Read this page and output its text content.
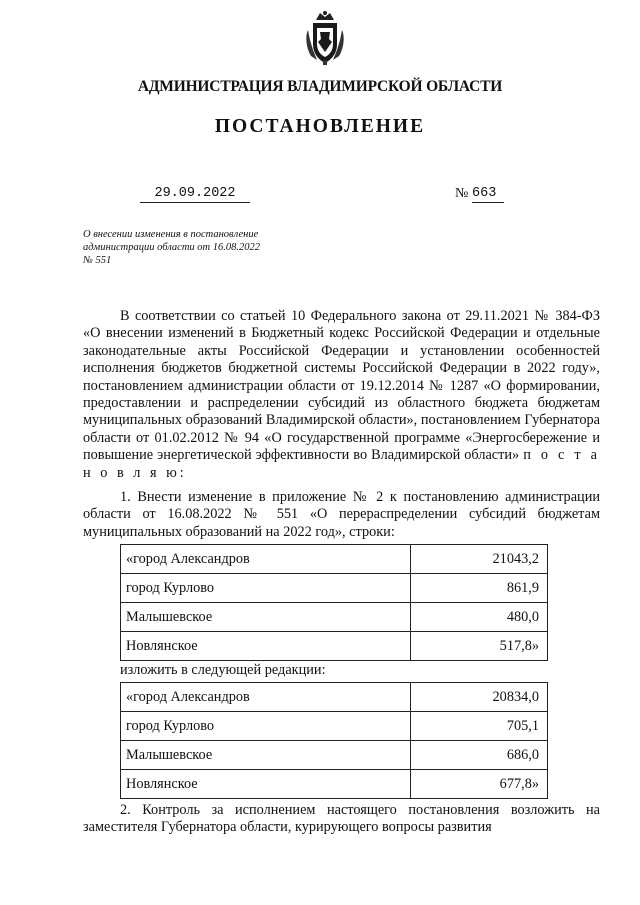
АДМИНИСТРАЦИЯ ВЛАДИМИРСКОЙ ОБЛАСТИ
ПОСТАНОВЛЕНИЕ
29.09.2022	№ 663
О внесении изменения в постановление
администрации области от 16.08.2022
№ 551
В соответствии со статьей 10 Федерального закона от 29.11.2021 № 384-ФЗ «О внесении изменений в Бюджетный кодекс Российской Федерации и отдельные законодательные акты Российской Федерации и установлении особенностей исполнения бюджетов бюджетной системы Российской Федерации в 2022 году», постановлением администрации области от 19.12.2014 № 1287 «О формировании, предоставлении и распределении субсидий из областного бюджета бюджетам муниципальных образований Владимирской области», постановлением Губернатора области от 01.02.2012 № 94 «О государственной программе «Энергосбережение и повышение энергетической эффективности во Владимирской области» п о с т а н о в л я ю:
1. Внести изменение в приложение № 2 к постановлению администрации области от 16.08.2022 № 551 «О перераспределении субсидий бюджетам муниципальных образований на 2022 год», строки:
«город Александров	21043,2
город Курлово	861,9
Малышевское	480,0
Новлянское	517,8»
изложить в следующей редакции:
«город Александров	20834,0
город Курлово	705,1
Малышевское	686,0
Новлянское	677,8»
2. Контроль за исполнением настоящего постановления возложить на заместителя Губернатора области, курирующего вопросы развития
